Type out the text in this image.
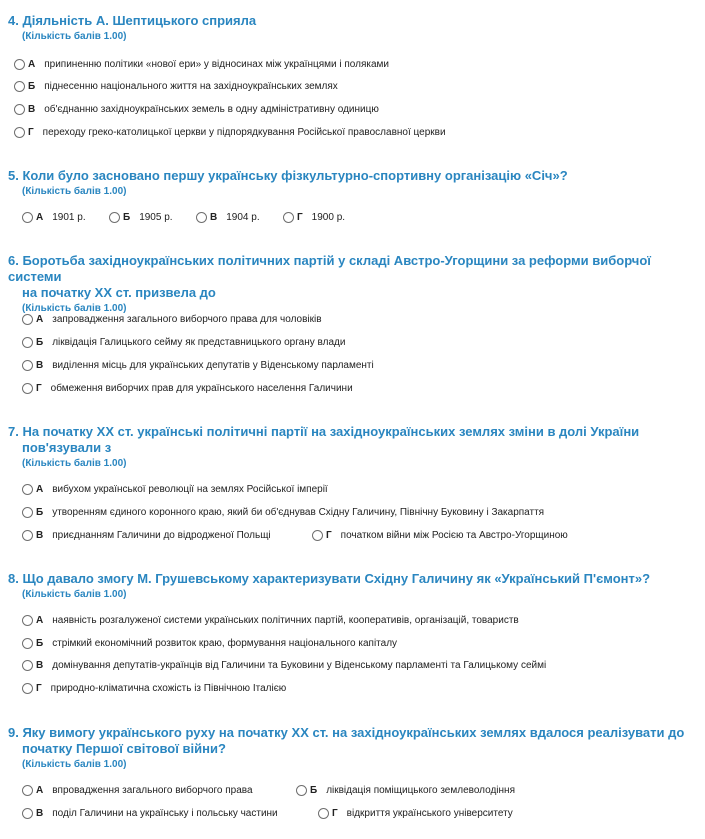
4. Діяльність А. Шептицького сприяла
(Кількість балів 1.00)
А припиненню політики «нової ери» у відносинах між українцями і поляками
Б піднесенню національного життя на західноукраїнських землях
В об'єднанню західноукраїнських земель в одну адміністративну одиницю
Г переходу греко-католицької церкви у підпорядкування Російської православної церкви
5. Коли було засновано першу українську фізкультурно-спортивну організацію «Січ»?
(Кількість балів 1.00)
А 1901 р.	Б 1905 р.	В 1904 р.	Г 1900 р.
6. Боротьба західноукраїнських політичних партій у складі Австро-Угорщини за реформи виборчої системи
на початку ХХ ст. призвела до
(Кількість балів 1.00)
А запровадження загального виборчого права для чоловіків
Б ліквідація Галицького сейму як представницького органу влади
В виділення місць для українських депутатів у Віденському парламенті
Г обмеження виборчих прав для українського населення Галичини
7. На початку ХХ ст. українські політичні партії на західноукраїнських землях зміни в долі України
пов'язували з
(Кількість балів 1.00)
А вибухом української революції на землях Російської імперії
Б утворенням єдиного коронного краю, який би об'єднував Східну Галичину, Північну Буковину і Закарпаття
В приєднанням Галичини до відродженої Польщі	Г початком війни між Росією та Австро-Угорщиною
8. Що давало змогу М. Грушевському характеризувати Східну Галичину як «Український П'ємонт»?
(Кількість балів 1.00)
А наявність розгалуженої системи українських політичних партій, кооперативів, організацій, товариств
Б стрімкий економічний розвиток краю, формування національного капіталу
В домінування депутатів-українців від Галичини та Буковини у Віденському парламенті та Галицькому сеймі
Г природно-кліматична схожість із Північною Італією
9. Яку вимогу українського руху на початку ХХ ст. на західноукраїнських землях вдалося реалізувати до
початку Першої світової війни?
(Кількість балів 1.00)
А впровадження загального виборчого права	Б ліквідація поміщицького землеволодіння
В поділ Галичини на українську і польську частини	Г відкриття українського університету
